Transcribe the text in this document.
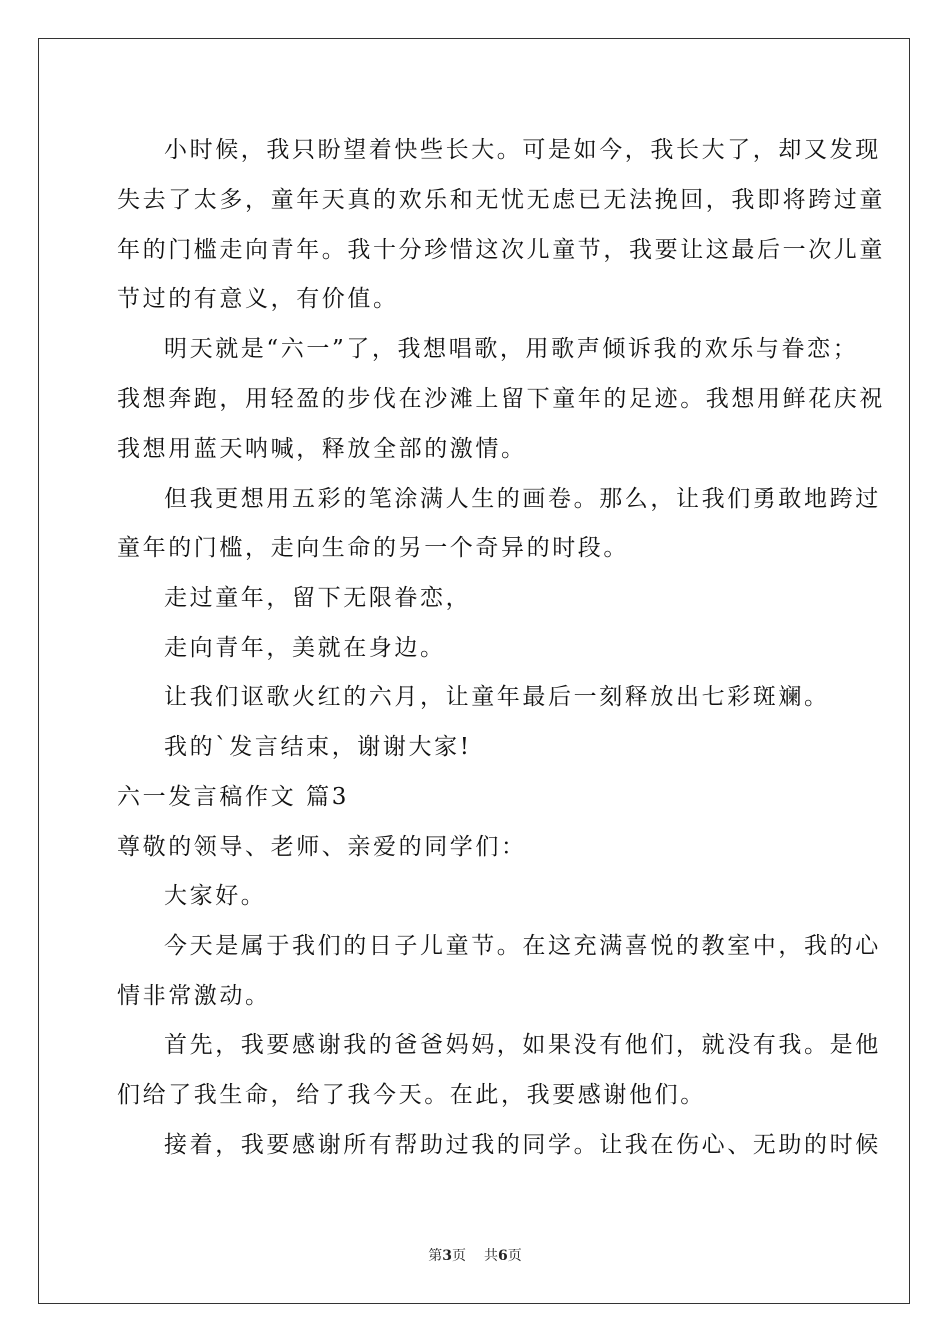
小时候，我只盼望着快些长大。可是如今，我长大了，却又发现
失去了太多，童年天真的欢乐和无忧无虑已无法挽回，我即将跨过童
年的门槛走向青年。我十分珍惜这次儿童节，我要让这最后一次儿童
节过的有意义，有价值。
明天就是“六一”了，我想唱歌，用歌声倾诉我的欢乐与眷恋；
我想奔跑，用轻盈的步伐在沙滩上留下童年的足迹。我想用鲜花庆祝
我想用蓝天呐喊，释放全部的激情。
但我更想用五彩的笔涂满人生的画卷。那么，让我们勇敢地跨过
童年的门槛，走向生命的另一个奇异的时段。
走过童年，留下无限眷恋，
走向青年，美就在身边。
让我们讴歌火红的六月，让童年最后一刻释放出七彩斑斓。
我的`发言结束，谢谢大家!
六一发言稿作文 篇3
尊敬的领导、老师、亲爱的同学们：
大家好。
今天是属于我们的日子儿童节。在这充满喜悦的教室中，我的心
情非常激动。
首先，我要感谢我的爸爸妈妈，如果没有他们，就没有我。是他
们给了我生命，给了我今天。在此，我要感谢他们。
接着，我要感谢所有帮助过我的同学。让我在伤心、无助的时候
第3页 共6页
